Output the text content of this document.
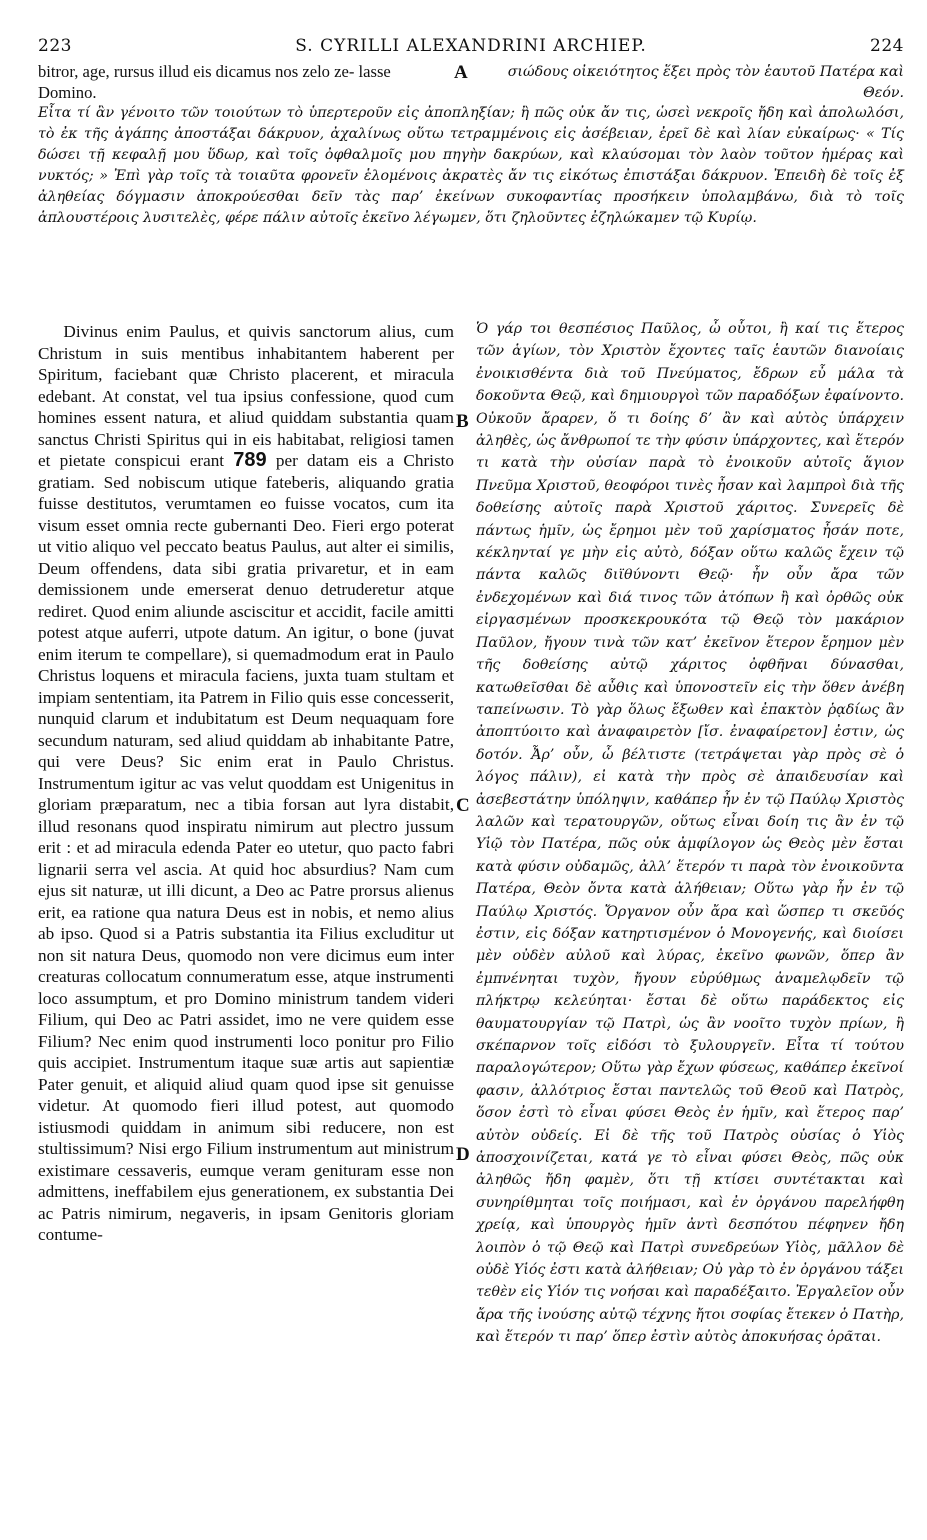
223	S. CYRILLI ALEXANDRINI ARCHIEP.	224
bitror, age, rursus illud eis dicamus nos zelo ze- lasse Domino.
A	σιώδους οἰκειότητος ἕξει πρὸς τὸν ἑαυτοῦ Πατέρα καὶ Θεόν.
Εἶτα τί ἂν γένοιτο τῶν τοιούτων τὸ ὑπερτεροῦν εἰς ἀποπληξίαν; ἢ πῶς οὐκ ἄν τις, ὡσεὶ νεκροῖς ἤδη καὶ ἀπολωλόσι, τὸ ἐκ τῆς ἀγάπης ἀποστάξαι δάκρυον, ἀχαλίνως οὕτω τετραμμένοις εἰς ἀσέβειαν, ἐρεῖ δὲ καὶ λίαν εὐκαίρως· « Τίς δώσει τῇ κεφαλῇ μου ὕδωρ, καὶ τοῖς ὀφθαλμοῖς μου πηγὴν δακρύων, καὶ κλαύσομαι τὸν λαὸν τοῦτον ἡμέρας καὶ νυκτός; » Ἐπὶ γὰρ τοῖς τὰ τοιαῦτα φρονεῖν ἑλομένοις ἀκρατὲς ἄν τις εἰκότως ἐπιστάξαι δάκρυον. Ἐπειδὴ δὲ τοῖς ἐξ ἀληθείας δόγμασιν ἀποκρούεσθαι δεῖν τὰς παρ’ ἐκείνων συκοφαντίας προσήκειν ὑπολαμβάνω, διὰ τὸ τοῖς ἁπλουστέροις λυσιτελὲς, φέρε πάλιν αὐτοῖς ἐκεῖνο λέγωμεν, ὅτι ζηλοῦντες ἐζηλώκαμεν τῷ Κυρίῳ.

Divinus enim Paulus, et quivis sanctorum alius, cum Christum in suis mentibus inhabitantem haberent per Spiritum, faciebant quæ Christo placerent, et miracula edebant. At constat, vel tua ipsius confessione, quod cum homines essent natura, et aliud quiddam substantia quam sanctus Christi Spiritus qui in eis habitabat, religiosi tamen et pietate conspicui erant 789 per datam eis a Christo gratiam. Sed nobiscum utique fateberis, aliquando gratia fuisse destitutos, verumtamen eo fuisse vocatos, cum ita visum esset omnia recte gubernanti Deo. Fieri ergo poterat ut vitio aliquo vel peccato beatus Paulus, aut alter ei similis, Deum offendens, data sibi gratia privaretur, et in eam demissionem unde emerserat denuo detruderetur atque rediret. Quod enim aliunde asciscitur et accidit, facile amitti potest atque auferri, utpote datum. An igitur, o bone (juvat enim iterum te compellare), si quemadmodum erat in Paulo Christus loquens et miracula faciens, juxta tuam stultam et impiam sententiam, ita Patrem in Filio quis esse concesserit, nunquid clarum et indubitatum est Deum nequaquam fore secundum naturam, sed aliud quiddam ab inhabitante Patre, qui vere Deus? Sic enim erat in Paulo Christus. Instrumentum igitur ac vas velut quoddam est Unigenitus in gloriam præparatum, nec a tibia forsan aut lyra distabit, illud resonans quod inspiratu nimirum aut plectro jussum erit : et ad miracula edenda Pater eo utetur, quo pacto fabri lignarii serra vel ascia. At quid hoc absurdius? Nam cum ejus sit naturæ, ut illi dicunt, a Deo ac Patre prorsus alienus erit, ea ratione qua natura Deus est in nobis, et nemo alius ab ipso. Quod si a Patris substantia ita Filius excluditur ut non sit natura Deus, quomodo non vere dicimus eum inter creaturas collocatum connumeratum esse, atque instrumenti loco assumptum, et pro Domino ministrum tandem videri Filium, qui Deo ac Patri assidet, imo ne vere quidem esse Filium? Nec enim quod instrumenti loco ponitur pro Filio quis accipiet. Instrumentum itaque suæ artis aut sapientiæ Pater genuit, et aliquid aliud quam quod ipse sit genuisse videtur. At quomodo fieri illud potest, aut quomodo istiusmodi quiddam in animum sibi reducere, non est stultissimum? Nisi ergo Filium instrumentum aut ministrum existimare cessaveris, eumque veram genituram esse non admittens, ineffabilem ejus generationem, ex substantia Dei ac Patris nimirum, negaveris, in ipsam Genitoris gloriam contume-

B
C
D
Ὁ γάρ τοι θεσπέσιος Παῦλος, ὦ οὗτοι, ἢ καί τις ἕτερος τῶν ἁγίων, τὸν Χριστὸν ἔχοντες ταῖς ἑαυτῶν διανοίαις ἐνοικισθέντα διὰ τοῦ Πνεύματος, ἔδρων εὖ μάλα τὰ δοκοῦντα Θεῷ, καὶ δημιουργοὶ τῶν παραδόξων ἐφαίνοντο. Οὐκοῦν ἄραρεν, ὅ τι δοίης δ’ ἂν καὶ αὐτὸς ὑπάρχειν ἀληθὲς, ὡς ἄνθρωποί τε τὴν φύσιν ὑπάρχοντες, καὶ ἕτερόν τι κατὰ τὴν οὐσίαν παρὰ τὸ ἐνοικοῦν αὐτοῖς ἅγιον Πνεῦμα Χριστοῦ, θεοφόροι τινὲς ἦσαν καὶ λαμπροὶ διὰ τῆς δοθείσης αὐτοῖς παρὰ Χριστοῦ χάριτος. Συνερεῖς δὲ πάντως ἡμῖν, ὡς ἔρημοι μὲν τοῦ χαρίσματος ἦσάν ποτε, κέκληνταί γε μὴν εἰς αὐτὸ, δόξαν οὕτω καλῶς ἔχειν τῷ πάντα καλῶς διϊθύνοντι Θεῷ· ἦν οὖν ἄρα τῶν ἐνδεχομένων καὶ διά τινος τῶν ἀτόπων ἢ καὶ ὀρθῶς οὐκ εἰργασμένων προσκεκρουκότα τῷ Θεῷ τὸν μακάριον Παῦλον, ἤγουν τινὰ τῶν κατ’ ἐκεῖνον ἕτερον ἔρημον μὲν τῆς δοθείσης αὐτῷ χάριτος ὀφθῆναι δύνασθαι, κατωθεῖσθαι δὲ αὖθις καὶ ὑπονοστεῖν εἰς τὴν ὅθεν ἀνέβη ταπείνωσιν. Τὸ γὰρ ὅλως ἔξωθεν καὶ ἐπακτὸν ῥᾳδίως ἂν ἀποπτύοιτο καὶ ἀναφαιρετὸν [ἴσ. ἐναφαίρετον] ἐστιν, ὡς δοτόν. Ἆρ’ οὖν, ὦ βέλτιστε (τετράψεται γὰρ πρὸς σὲ ὁ λόγος πάλιν), εἰ κατὰ τὴν πρὸς σὲ ἀπαιδευσίαν καὶ ἀσεβεστάτην ὑπόληψιν, καθάπερ ἦν ἐν τῷ Παύλῳ Χριστὸς λαλῶν καὶ τερατουργῶν, οὕτως εἶναι δοίη τις ἂν ἐν τῷ Υἱῷ τὸν Πατέρα, πῶς οὐκ ἀμφίλογον ὡς Θεὸς μὲν ἔσται κατὰ φύσιν οὐδαμῶς, ἀλλ’ ἕτερόν τι παρὰ τὸν ἐνοικοῦντα Πατέρα, Θεὸν ὄντα κατὰ ἀλήθειαν; Οὕτω γὰρ ἦν ἐν τῷ Παύλῳ Χριστός. Ὄργανον οὖν ἄρα καὶ ὥσπερ τι σκεῦός ἐστιν, εἰς δόξαν κατηρτισμένον ὁ Μονογενής, καὶ διοίσει μὲν οὐδὲν αὐλοῦ καὶ λύρας, ἐκεῖνο φωνῶν, ὅπερ ἂν ἐμπνένηται τυχὸν, ἤγουν εὐρύθμως ἀναμελῳδεῖν τῷ πλήκτρῳ κελεύηται· ἔσται δὲ οὕτω παράδεκτος εἰς θαυματουργίαν τῷ Πατρὶ, ὡς ἂν νοοῖτο τυχὸν πρίων, ἢ σκέπαρνον τοῖς εἰδόσι τὸ ξυλουργεῖν. Εἶτα τί τούτου παραλογώτερον; Οὕτω γὰρ ἔχων φύσεως, καθάπερ ἐκεῖνοί φασιν, ἀλλότριος ἔσται παντελῶς τοῦ Θεοῦ καὶ Πατρὸς, ὅσον ἐστὶ τὸ εἶναι φύσει Θεὸς ἐν ἡμῖν, καὶ ἕτερος παρ’ αὐτὸν οὐδείς. Εἰ δὲ τῆς τοῦ Πατρὸς οὐσίας ὁ Υἱὸς ἀποσχοινίζεται, κατά γε τὸ εἶναι φύσει Θεὸς, πῶς οὐκ ἀληθῶς ἤδη φαμὲν, ὅτι τῇ κτίσει συντέτακται καὶ συνηρίθμηται τοῖς ποιήμασι, καὶ ἐν ὀργάνου παρελήφθη χρείᾳ, καὶ ὑπουργὸς ἡμῖν ἀντὶ δεσπότου πέφηνεν ἤδη λοιπὸν ὁ τῷ Θεῷ καὶ Πατρὶ συνεδρεύων Υἱὸς, μᾶλλον δὲ οὐδὲ Υἱός ἐστι κατὰ ἀλήθειαν; Οὐ γὰρ τὸ ἐν ὀργάνου τάξει τεθὲν εἰς Υἱόν τις νοήσαι καὶ παραδέξαιτο. Ἐργαλεῖον οὖν ἄρα τῆς ἰνούσης αὐτῷ τέχνης ἤτοι σοφίας ἔτεκεν ὁ Πατὴρ, καὶ ἕτερόν τι παρ’ ὅπερ ἐστὶν αὐτὸς ἀποκυήσας ὁρᾶται.
